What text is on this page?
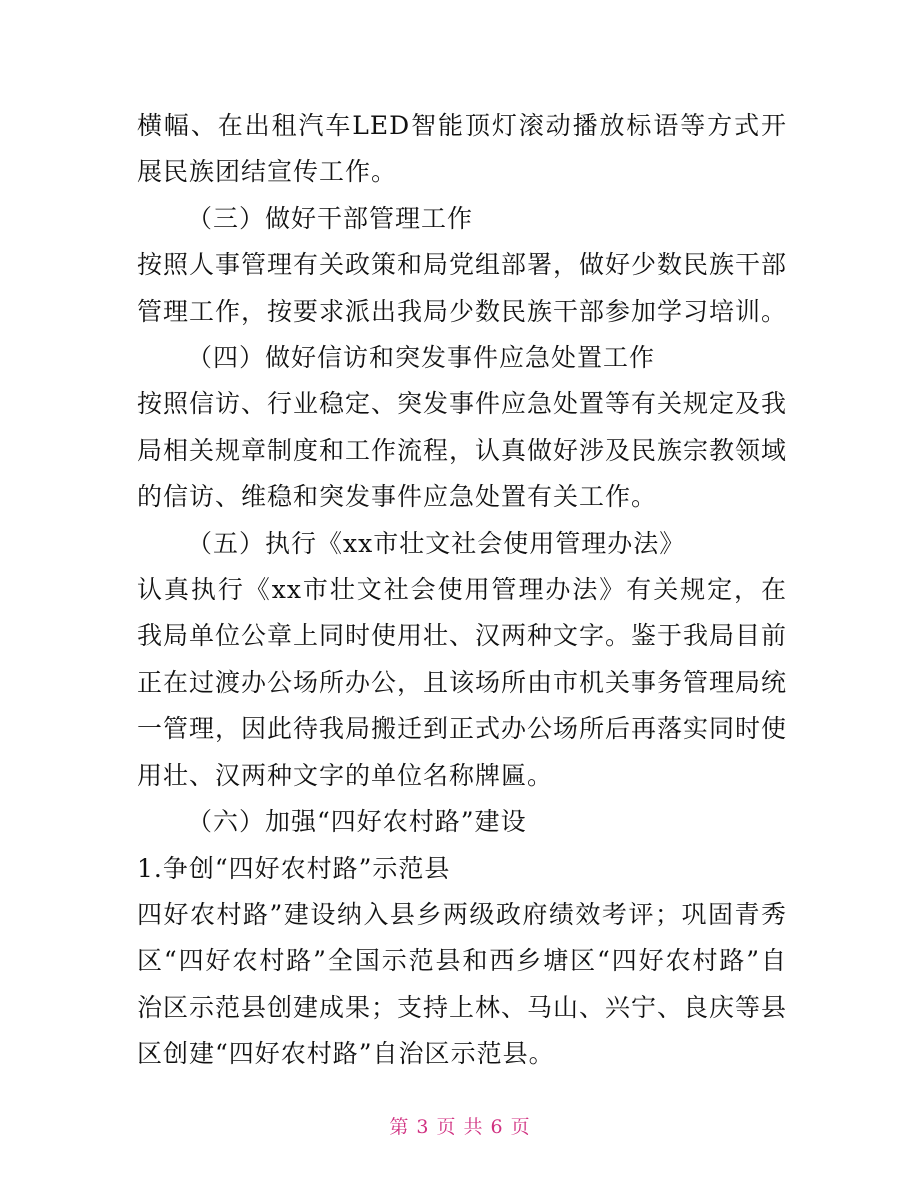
横幅、在出租汽车LED智能顶灯滚动播放标语等方式开展民族团结宣传工作。

（三）做好干部管理工作

按照人事管理有关政策和局党组部署，做好少数民族干部管理工作，按要求派出我局少数民族干部参加学习培训。

（四）做好信访和突发事件应急处置工作

按照信访、行业稳定、突发事件应急处置等有关规定及我局相关规章制度和工作流程，认真做好涉及民族宗教领域的信访、维稳和突发事件应急处置有关工作。

（五）执行《xx市壮文社会使用管理办法》

认真执行《xx市壮文社会使用管理办法》有关规定，在我局单位公章上同时使用壮、汉两种文字。鉴于我局目前正在过渡办公场所办公，且该场所由市机关事务管理局统一管理，因此待我局搬迁到正式办公场所后再落实同时使用壮、汉两种文字的单位名称牌匾。

（六）加强“四好农村路”建设

1.争创“四好农村路”示范县

四好农村路”建设纳入县乡两级政府绩效考评；巩固青秀区“四好农村路”全国示范县和西乡塘区“四好农村路”自治区示范县创建成果；支持上林、马山、兴宁、良庆等县区创建“四好农村路”自治区示范县。

第 3 页 共 6 页
